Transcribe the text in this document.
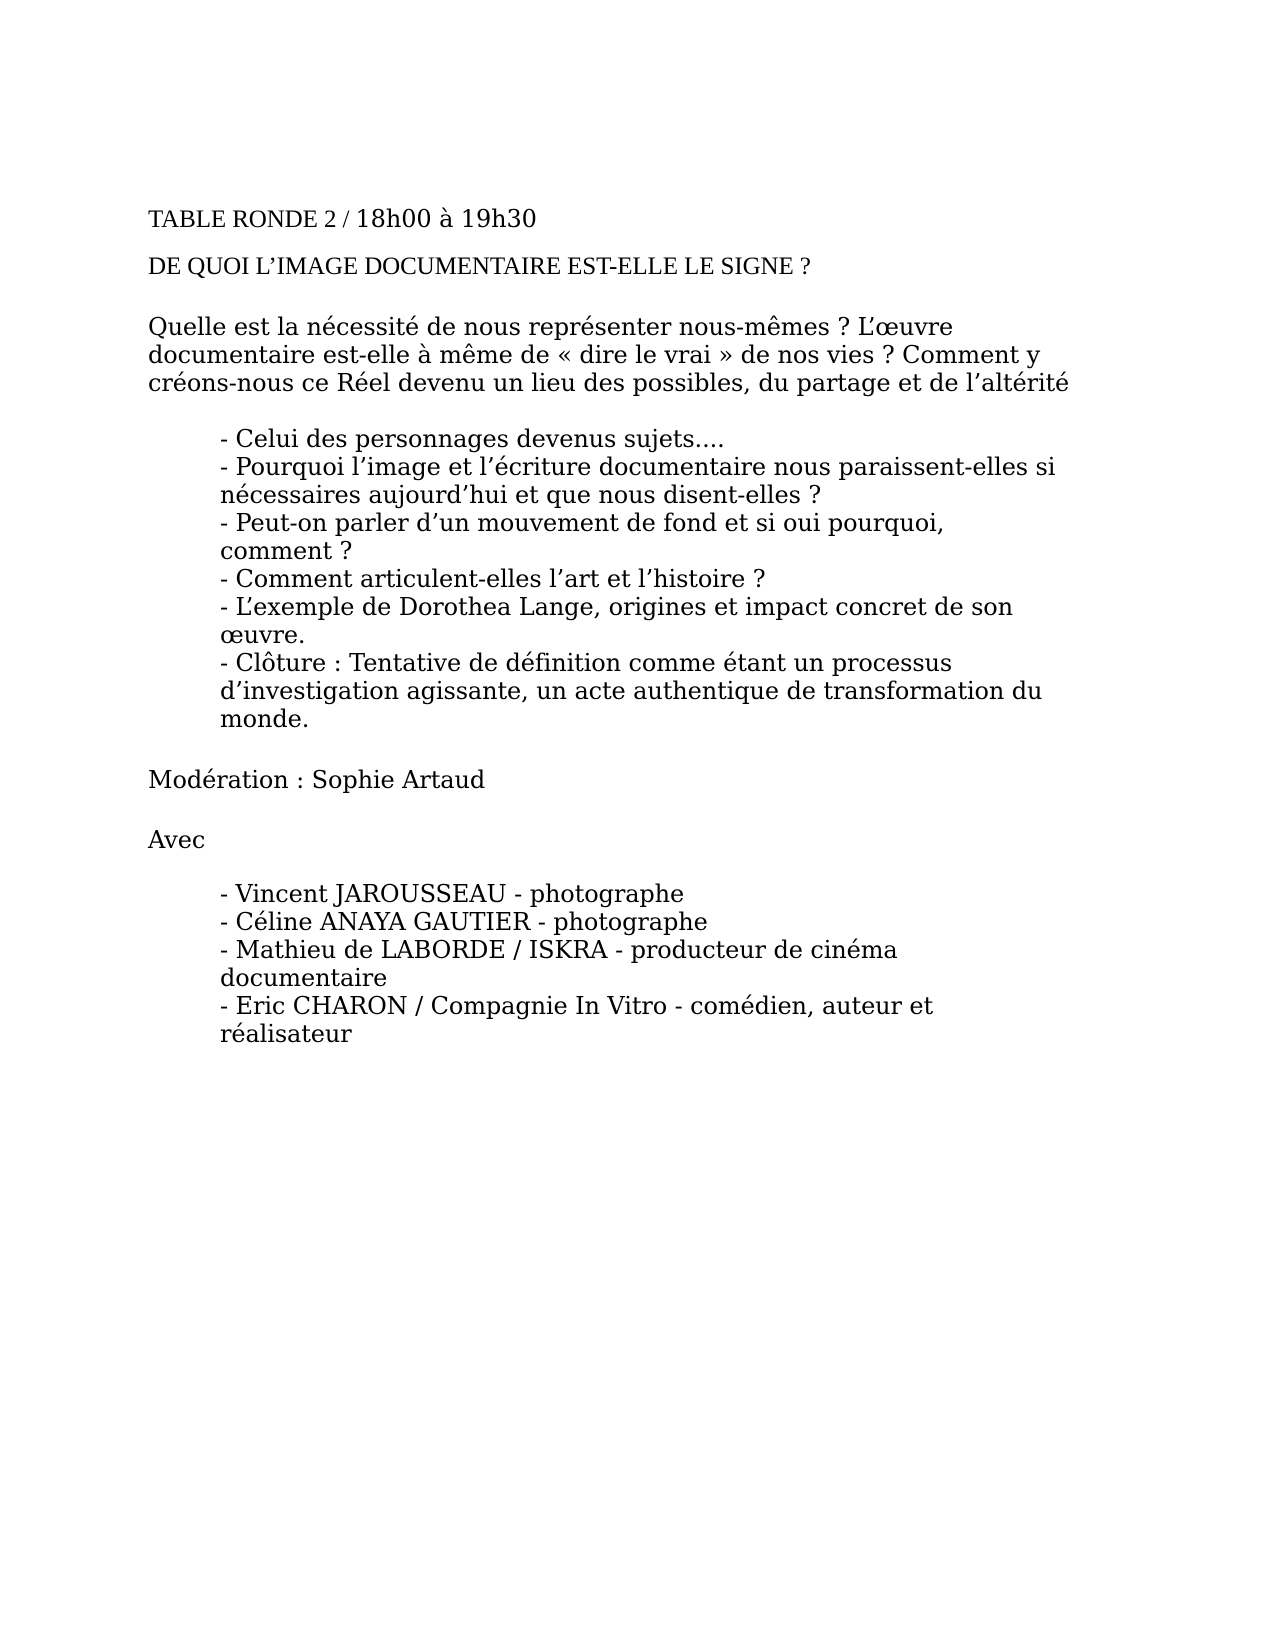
TABLE RONDE 2 / 18h00 à 19h30
DE QUOI L’IMAGE DOCUMENTAIRE EST-ELLE LE SIGNE ?
Quelle est la nécessité de nous représenter nous-mêmes ? L’œuvre
documentaire est-elle à même de « dire le vrai » de nos vies ? Comment y
créons-nous ce Réel devenu un lieu des possibles, du partage et de l’altérité
- Celui des personnages devenus sujets....
- Pourquoi l’image et l’écriture documentaire nous paraissent-elles si
nécessaires aujourd’hui et que nous disent-elles ?
- Peut-on parler d’un mouvement de fond et si oui pourquoi,
comment ?
- Comment articulent-elles l’art et l’histoire ?
- L’exemple de Dorothea Lange, origines et impact concret de son
œuvre.
- Clôture : Tentative de définition comme étant un processus
d’investigation agissante, un acte authentique de transformation du
monde.
Modération : Sophie Artaud
Avec
- Vincent JAROUSSEAU - photographe
- Céline ANAYA GAUTIER - photographe
- Mathieu de LABORDE / ISKRA - producteur de cinéma
documentaire
- Eric CHARON / Compagnie In Vitro - comédien, auteur et
réalisateur
